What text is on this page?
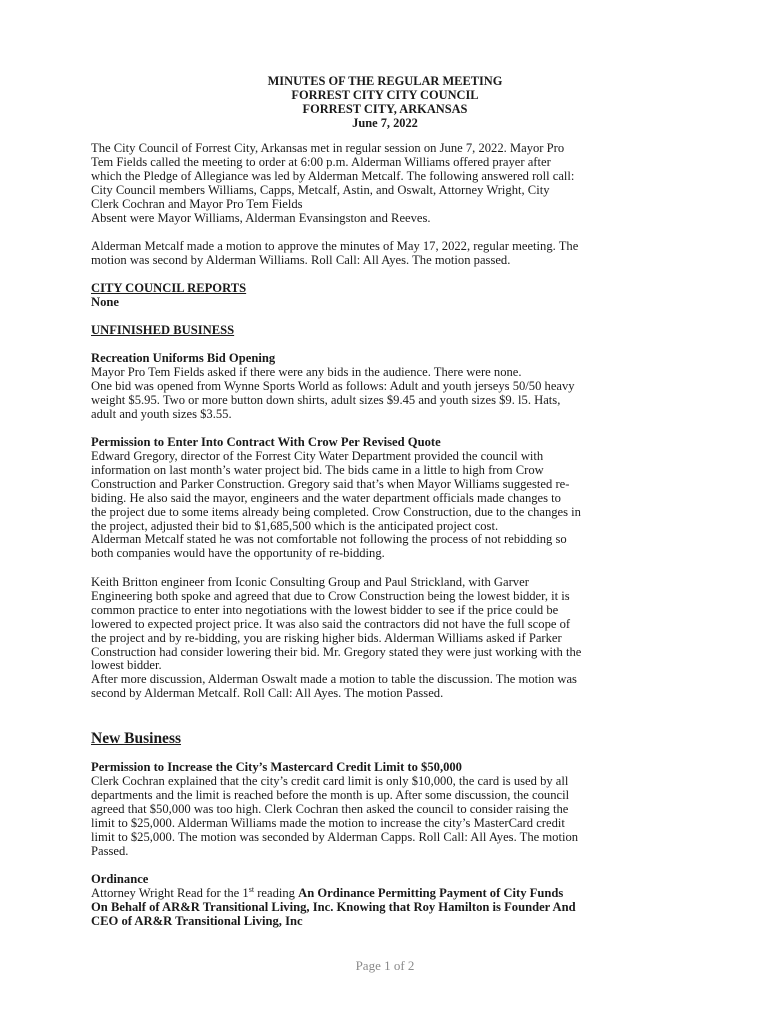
MINUTES OF THE REGULAR MEETING
FORREST CITY CITY COUNCIL
FORREST CITY, ARKANSAS
June 7, 2022
The City Council of Forrest City, Arkansas met in regular session on June 7, 2022. Mayor Pro
Tem Fields called the meeting to order at 6:00 p.m. Alderman Williams offered prayer after
which the Pledge of Allegiance was led by Alderman Metcalf. The following answered roll call:
City Council members Williams, Capps, Metcalf, Astin, and Oswalt, Attorney Wright, City
Clerk Cochran and Mayor Pro Tem Fields
Absent were Mayor Williams, Alderman Evansingston and Reeves.
Alderman Metcalf made a motion to approve the minutes of May 17, 2022, regular meeting. The
motion was second by Alderman Williams. Roll Call: All Ayes. The motion passed.
CITY COUNCIL REPORTS
None
UNFINISHED BUSINESS
Recreation Uniforms Bid Opening
Mayor Pro Tem Fields asked if there were any bids in the audience. There were none.
One bid was opened from Wynne Sports World as follows: Adult and youth jerseys 50/50 heavy
weight $5.95. Two or more button down shirts, adult sizes $9.45 and youth sizes $9. l5. Hats,
adult and youth sizes $3.55.
Permission to Enter Into Contract With Crow Per Revised Quote
Edward Gregory, director of the Forrest City Water Department provided the council with
information on last month’s water project bid. The bids came in a little to high from Crow
Construction and Parker Construction. Gregory said that’s when Mayor Williams suggested re-
biding. He also said the mayor, engineers and the water department officials made changes to
the project due to some items already being completed. Crow Construction, due to the changes in
the project, adjusted their bid to $1,685,500 which is the anticipated project cost.
Alderman Metcalf stated he was not comfortable not following the process of not rebidding so
both companies would have the opportunity of re-bidding.
Keith Britton engineer from Iconic Consulting Group and Paul Strickland, with Garver
Engineering both spoke and agreed that due to Crow Construction being the lowest bidder, it is
common practice to enter into negotiations with the lowest bidder to see if the price could be
lowered to expected project price. It was also said the contractors did not have the full scope of
the project and by re-bidding, you are risking higher bids. Alderman Williams asked if Parker
Construction had consider lowering their bid. Mr. Gregory stated they were just working with the
lowest bidder.
After more discussion, Alderman Oswalt made a motion to table the discussion. The motion was
second by Alderman Metcalf. Roll Call: All Ayes. The motion Passed.
New Business
Permission to Increase the City’s Mastercard Credit Limit to $50,000
Clerk Cochran explained that the city’s credit card limit is only $10,000, the card is used by all
departments and the limit is reached before the month is up. After some discussion, the council
agreed that $50,000 was too high. Clerk Cochran then asked the council to consider raising the
limit to $25,000. Alderman Williams made the motion to increase the city’s MasterCard credit
limit to $25,000. The motion was seconded by Alderman Capps. Roll Call: All Ayes. The motion
Passed.
Ordinance
Attorney Wright Read for the 1st reading An Ordinance Permitting Payment of City Funds
On Behalf of AR&R Transitional Living, Inc. Knowing that Roy Hamilton is Founder And
CEO of AR&R Transitional Living, Inc
Page 1 of 2
